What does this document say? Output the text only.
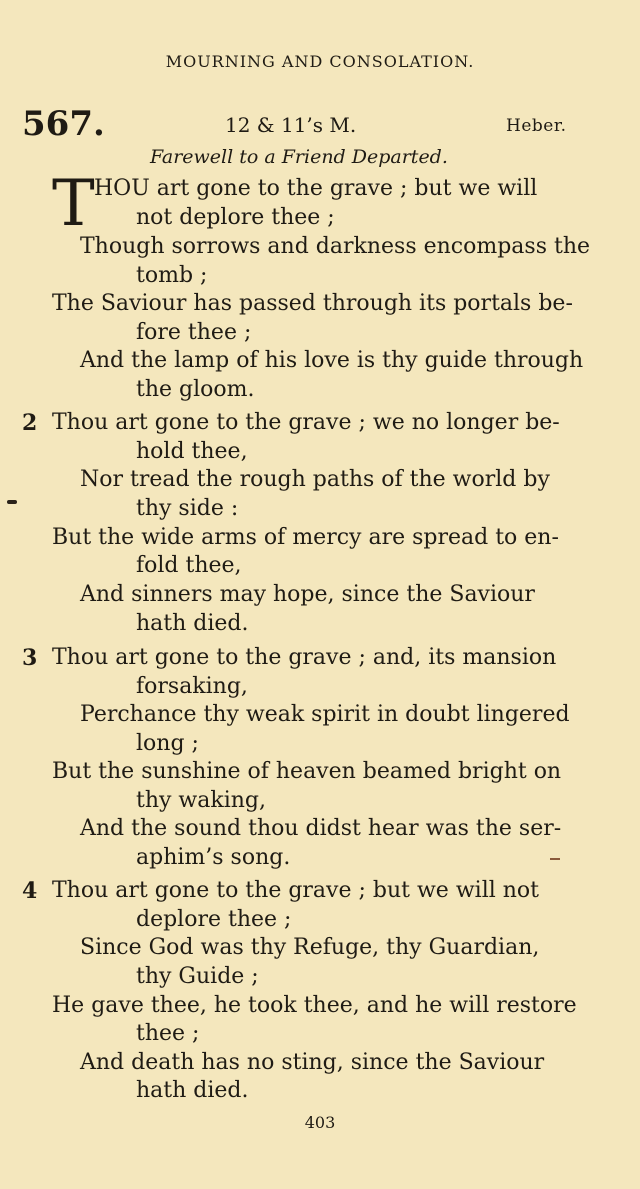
MOURNING AND CONSOLATION.
567.	12 & 11’s M.	Heber.
Farewell to a Friend Departed.
T HOU art gone to the grave ; but we will
not deplore thee ;
Though sorrows and darkness encompass the
tomb ;
The Saviour has passed through its portals be-
fore thee ;
And the lamp of his love is thy guide through
the gloom.
2 Thou art gone to the grave ; we no longer be-
hold thee,
Nor tread the rough paths of the world by
thy side :
But the wide arms of mercy are spread to en-
fold thee,
And sinners may hope, since the Saviour
hath died.
3 Thou art gone to the grave ; and, its mansion
forsaking,
Perchance thy weak spirit in doubt lingered
long ;
But the sunshine of heaven beamed bright on
thy waking,
And the sound thou didst hear was the ser-
aphim’s song.
4 Thou art gone to the grave ; but we will not
deplore thee ;
Since God was thy Refuge, thy Guardian,
thy Guide ;
He gave thee, he took thee, and he will restore
thee ;
And death has no sting, since the Saviour
hath died.
403
